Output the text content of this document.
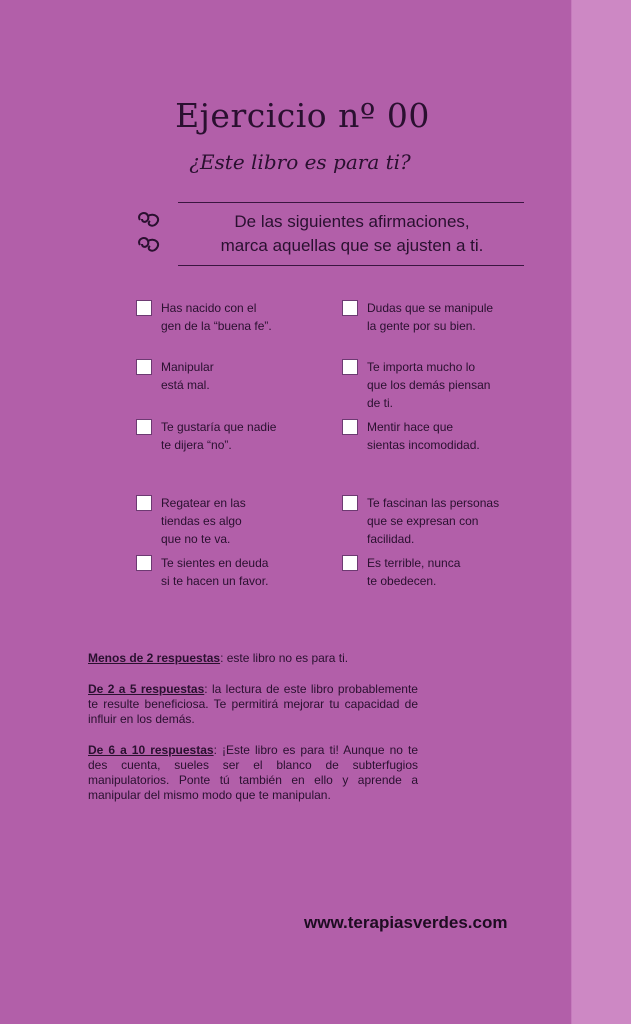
Ejercicio nº 00
¿Este libro es para ti?
De las siguientes afirmaciones,
marca aquellas que se ajusten a ti.
Has nacido con el
gen de la “buena fe”.
Manipular
está mal.
Te gustaría que nadie
te dijera “no”.
Regatear en las
tiendas es algo
que no te va.
Te sientes en deuda
si te hacen un favor.
Dudas que se manipule
la gente por su bien.
Te importa mucho lo
que los demás piensan
de ti.
Mentir hace que
sientas incomodidad.
Te fascinan las personas
que se expresan con
facilidad.
Es terrible, nunca
te obedecen.

Menos de 2 respuestas: este libro no es para ti.

De 2 a 5 respuestas: la lectura de este libro probablemente te resulte beneficiosa. Te permitirá mejorar tu capacidad de influir en los demás.

De 6 a 10 respuestas: ¡Este libro es para ti! Aunque no te des cuenta, sueles ser el blanco de subterfugios manipulatorios. Ponte tú también en ello y aprende a manipular del mismo modo que te manipulan.

www.terapiasverdes.com
